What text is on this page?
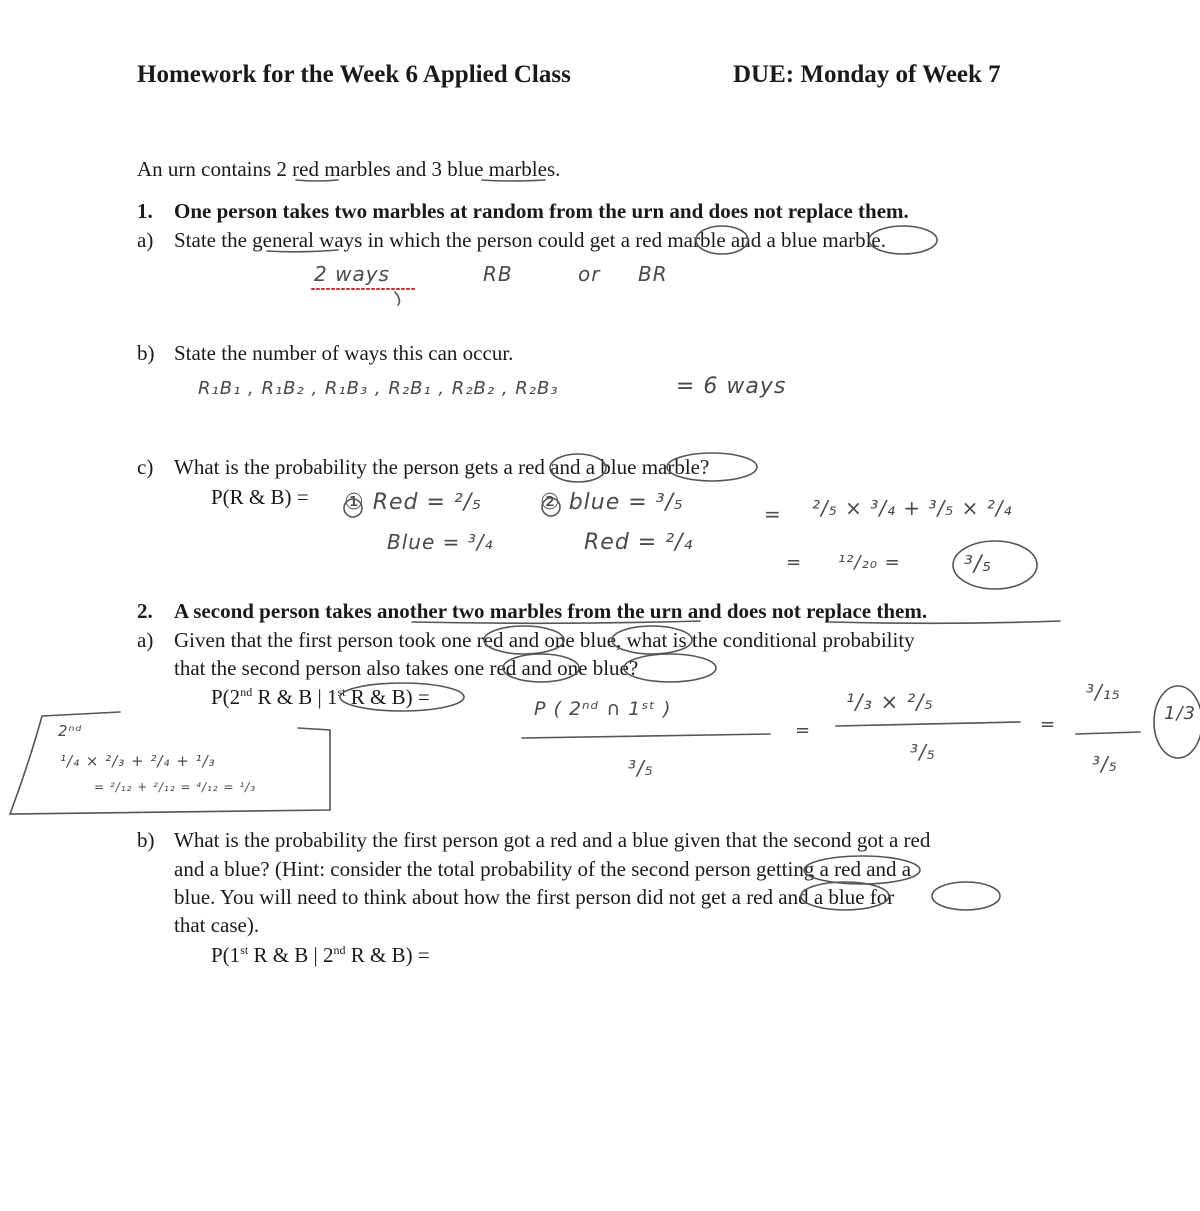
Homework for the Week 6 Applied Class	DUE: Monday of Week 7
An urn contains 2 red marbles and 3 blue marbles.
1.	One person takes two marbles at random from the urn and does not replace them.
a) State the general ways in which the person could get a red marble and a blue marble.
2 ways	RB	or BR
b) State the number of ways this can occur.
R₁B₁ , R₁B₂ , R₁B₃ , R₂B₁ , R₂B₂ , R₂B₃	= 6 ways
c) What is the probability the person gets a red and a blue marble?
P(R & B) = ① Red = ²/₅	② blue = ³/₅
Blue = ³/₄	Red = ²/₄
= ²/₅ × ³/₄ + ³/₅ × ²/₄
= ¹²/₂₀ =	³/₅
2.	A second person takes another two marbles from the urn and does not replace them.
a) Given that the first person took one red and one blue, what is the conditional probability
that the second person also takes one red and one blue?
P(2nd R & B | 1st R & B) =	P ( 2ⁿᵈ ∩ 1ˢᵗ )
³/₅
=
¹/₃ × ²/₅
³/₅
=
³/₁₅
³/₅
1/3
2ⁿᵈ
¹/₄ × ²/₃ + ²/₄ + ¹/₃
= ²/₁₂ + ²/₁₂ = ⁴/₁₂ = ¹/₃
b) What is the probability the first person got a red and a blue given that the second got a red
and a blue? (Hint: consider the total probability of the second person getting a red and a
blue. You will need to think about how the first person did not get a red and a blue for
that case).
P(1st R & B | 2nd R & B) =
